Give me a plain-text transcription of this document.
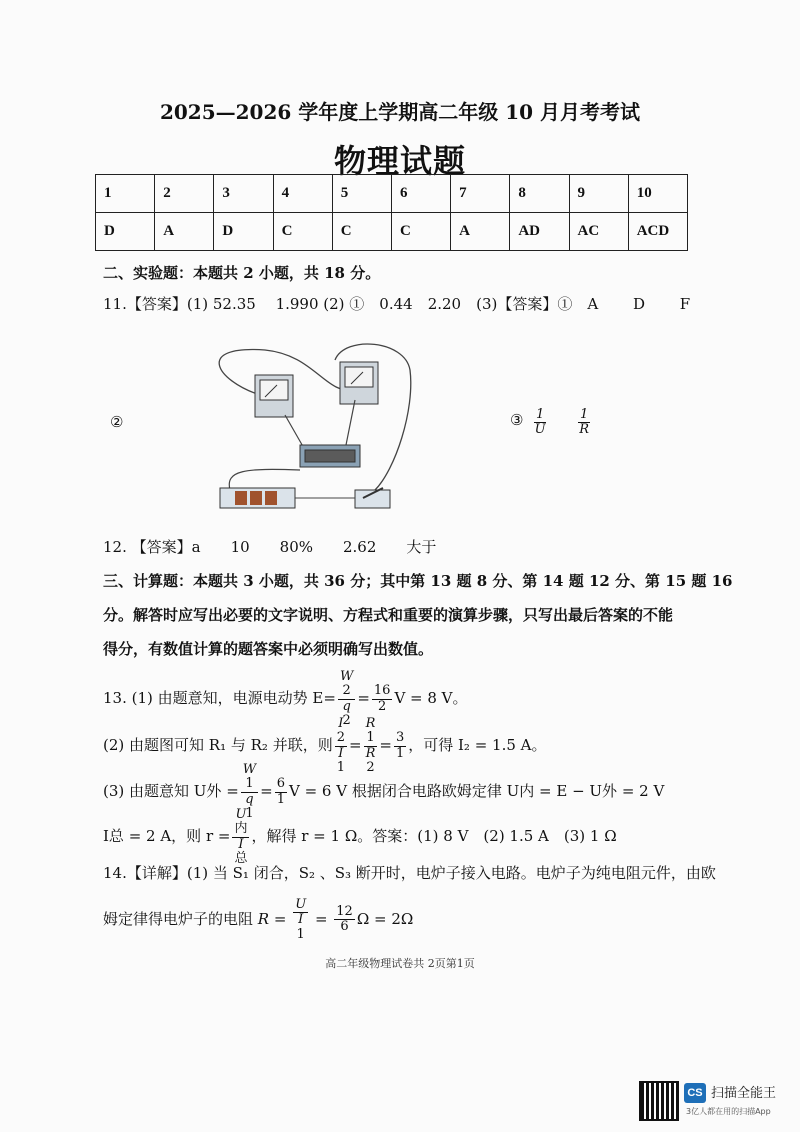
2025—2026 学年度上学期高二年级 10 月月考考试
物理试题
1	2	3	4	5	6	7	8	9	10
D	A	D	C	C	C	A	AD	AC	ACD
二、实验题：本题共 2 小题，共 18 分。
11.【答案】(1) 52.35　 1.990 (2) ①　0.44　2.20　(3)【答案】①　A　　 D　　 F
②	③ $\frac{1}{U} \frac{1}{R}$
12. 【答案】a　　10　　80%　　2.62　　大于
三、计算题：本题共 3 小题，共 36 分；其中第 13 题 8 分、第 14 题 12 分、第 15 题 16
分。解答时应写出必要的文字说明、方程式和重要的演算步骤，只写出最后答案的不能
得分，有数值计算的题答案中必须明确写出数值。
13. (1) 由题意知，电源电动势 E= W
2
q
$2 = \frac{16}{2}$ V = 8 V。
(2) 由题图可知 R₁ 与 R₂ 并联，则 I
2
I
1 = R
1
R
$2 = \frac{3}{1}$ ，可得 I₂ = 1.5 A。
(3) 由题意知 U外 = W
1
q
$1 = \frac{6}{1}$ V = 6 V 根据闭合电路欧姆定律 U内 = E − U外 = 2 V
I总 = 2 A，则 r = U
内
I
总 ，解得 r = 1 Ω。答案：(1) 8 V　(2) 1.5 A　(3) 1 Ω
14.【详解】(1) 当 S₁ 闭合，S₂ 、S₃ 断开时，电炉子接入电路。电炉子为纯电阻元件，由欧
姆定律得电炉子的电阻 R = U
I
$1 = \frac{12}{6}$ Ω = 2Ω
高二年级物理试卷共 2页第1页
CS 扫描全能王
3亿人都在用的扫描App
